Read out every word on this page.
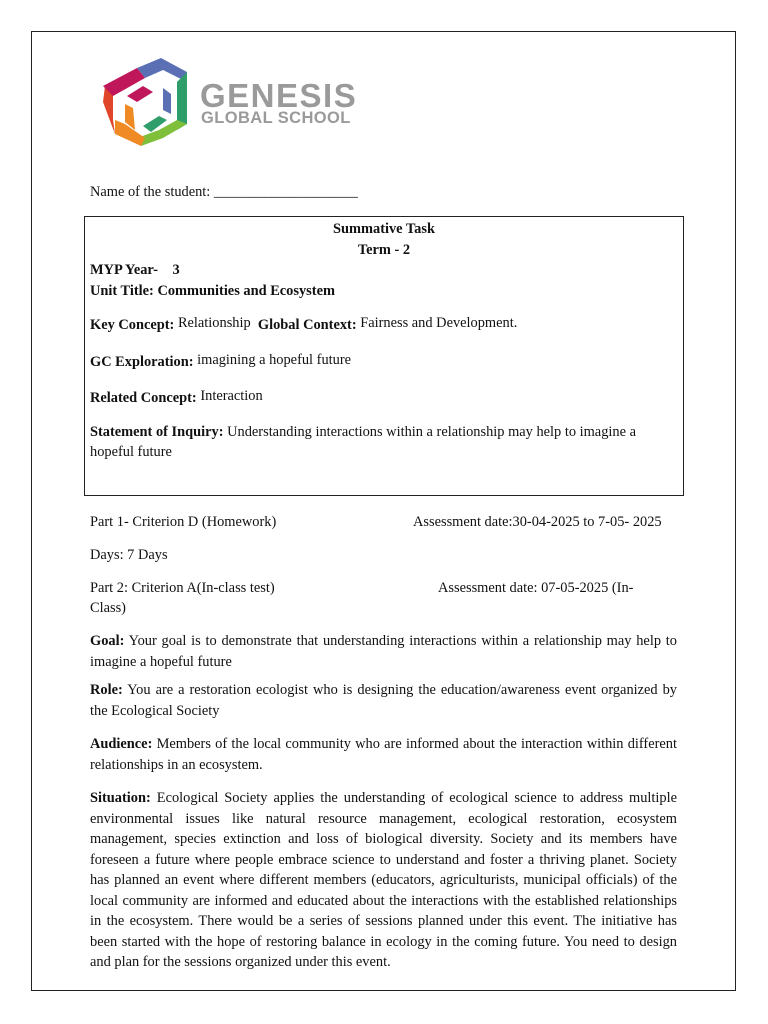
GENESIS
GLOBAL SCHOOL
Name of the student: ____________________
Summative Task
Term - 2
MYP Year- 3
Unit Title: Communities and Ecosystem
Key Concept: Relationship Global Context: Fairness and Development.
GC Exploration: imagining a hopeful future
Related Concept: Interaction
Statement of Inquiry: Understanding interactions within a relationship may help to imagine a
hopeful future
Part 1- Criterion D (Homework)	Assessment date:30-04-2025 to 7-05- 2025
Days: 7 Days
Part 2: Criterion A(In-class test)	Assessment date: 07-05-2025 (In-
Class)
Goal: Your goal is to demonstrate that understanding interactions within a relationship may help to imagine a hopeful future
Role: You are a restoration ecologist who is designing the education/awareness event organized by the Ecological Society
Audience: Members of the local community who are informed about the interaction within different relationships in an ecosystem.
Situation: Ecological Society applies the understanding of ecological science to address multiple environmental issues like natural resource management, ecological restoration, ecosystem management, species extinction and loss of biological diversity. Society and its members have foreseen a future where people embrace science to understand and foster a thriving planet. Society has planned an event where different members (educators, agriculturists, municipal officials) of the local community are informed and educated about the interactions with the established relationships in the ecosystem. There would be a series of sessions planned under this event. The initiative has been started with the hope of restoring balance in ecology in the coming future. You need to design and plan for the sessions organized under this event.
